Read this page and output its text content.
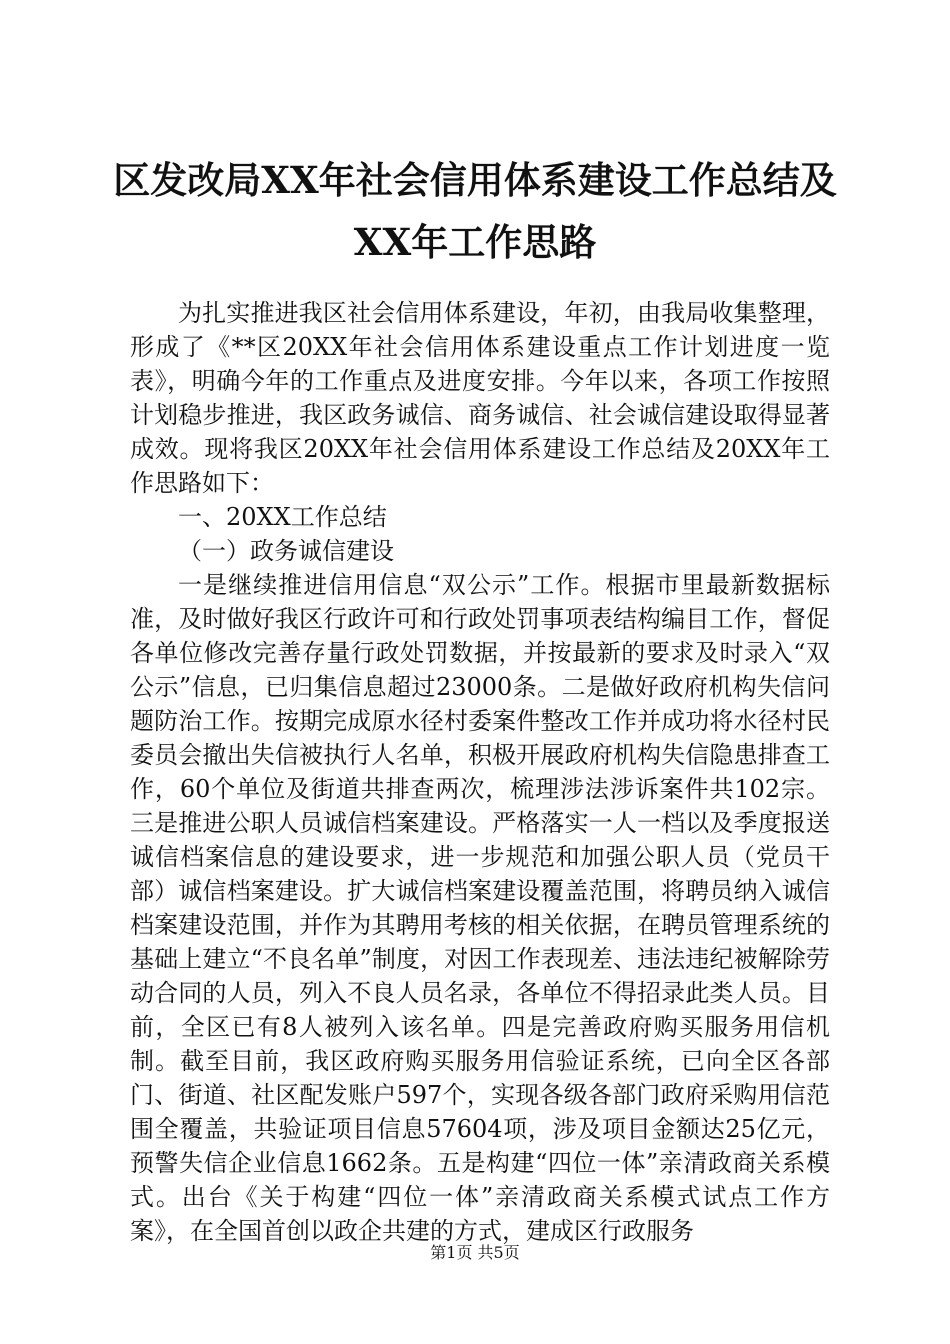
区发改局XX年社会信用体系建设工作总结及
XX年工作思路

为扎实推进我区社会信用体系建设，年初，由我局收集整理，形成了《**区20XX年社会信用体系建设重点工作计划进度一览表》，明确今年的工作重点及进度安排。今年以来，各项工作按照计划稳步推进，我区政务诚信、商务诚信、社会诚信建设取得显著成效。现将我区20XX年社会信用体系建设工作总结及20XX年工作思路如下：

一、20XX工作总结

（一）政务诚信建设

一是继续推进信用信息“双公示”工作。根据市里最新数据标准，及时做好我区行政许可和行政处罚事项表结构编目工作，督促各单位修改完善存量行政处罚数据，并按最新的要求及时录入“双公示”信息，已归集信息超过23000条。二是做好政府机构失信问题防治工作。按期完成原水径村委案件整改工作并成功将水径村民委员会撤出失信被执行人名单，积极开展政府机构失信隐患排查工作，60个单位及街道共排查两次，梳理涉法涉诉案件共102宗。三是推进公职人员诚信档案建设。严格落实一人一档以及季度报送诚信档案信息的建设要求，进一步规范和加强公职人员（党员干部）诚信档案建设。扩大诚信档案建设覆盖范围，将聘员纳入诚信档案建设范围，并作为其聘用考核的相关依据，在聘员管理系统的基础上建立“不良名单”制度，对因工作表现差、违法违纪被解除劳动合同的人员，列入不良人员名录，各单位不得招录此类人员。目前，全区已有8人被列入该名单。四是完善政府购买服务用信机制。截至目前，我区政府购买服务用信验证系统，已向全区各部门、街道、社区配发账户597个，实现各级各部门政府采购用信范围全覆盖，共验证项目信息57604项，涉及项目金额达25亿元，预警失信企业信息1662条。五是构建“四位一体”亲清政商关系模式。出台《关于构建“四位一体”亲清政商关系模式试点工作方案》，在全国首创以政企共建的方式，建成区行政服务

第1页 共5页
